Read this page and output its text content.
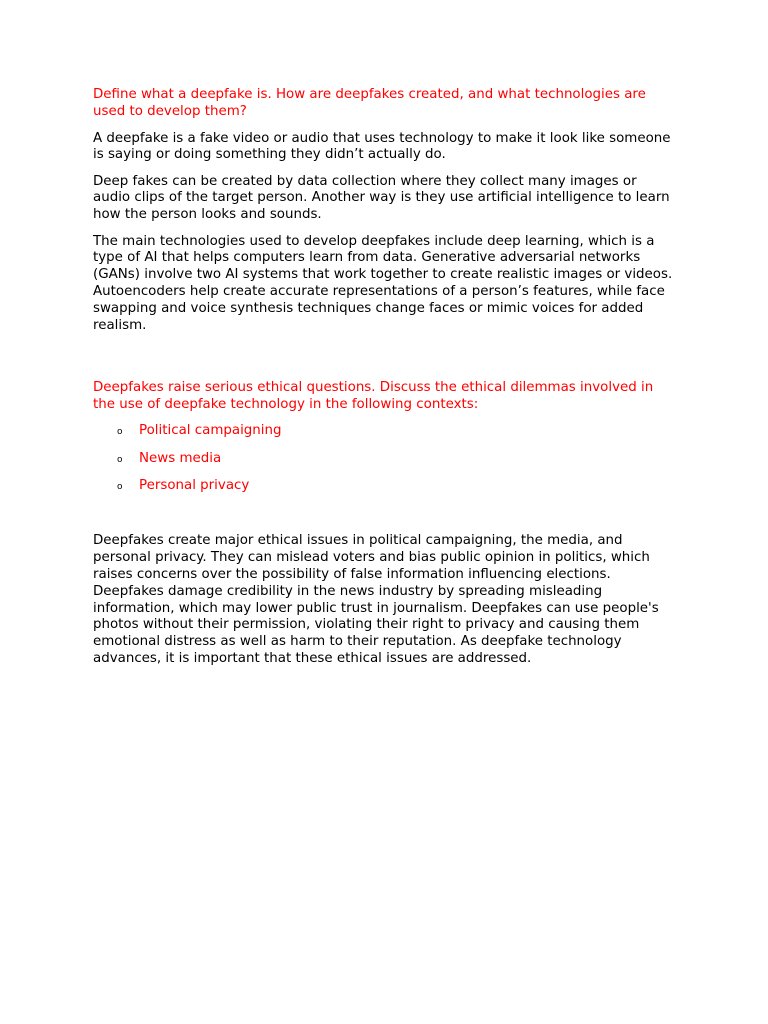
Define what a deepfake is. How are deepfakes created, and what technologies are used to develop them?

A deepfake is a fake video or audio that uses technology to make it look like someone is saying or doing something they didn’t actually do.

Deep fakes can be created by data collection where they collect many images or audio clips of the target person. Another way is they use artificial intelligence to learn how the person looks and sounds.

The main technologies used to develop deepfakes include deep learning, which is a type of AI that helps computers learn from data. Generative adversarial networks (GANs) involve two AI systems that work together to create realistic images or videos. Autoencoders help create accurate representations of a person’s features, while face swapping and voice synthesis techniques change faces or mimic voices for added realism.

Deepfakes raise serious ethical questions. Discuss the ethical dilemmas involved in the use of deepfake technology in the following contexts:

o Political campaigning
o News media
o Personal privacy

Deepfakes create major ethical issues in political campaigning, the media, and personal privacy. They can mislead voters and bias public opinion in politics, which raises concerns over the possibility of false information influencing elections. Deepfakes damage credibility in the news industry by spreading misleading information, which may lower public trust in journalism. Deepfakes can use people's photos without their permission, violating their right to privacy and causing them emotional distress as well as harm to their reputation. As deepfake technology advances, it is important that these ethical issues are addressed.
